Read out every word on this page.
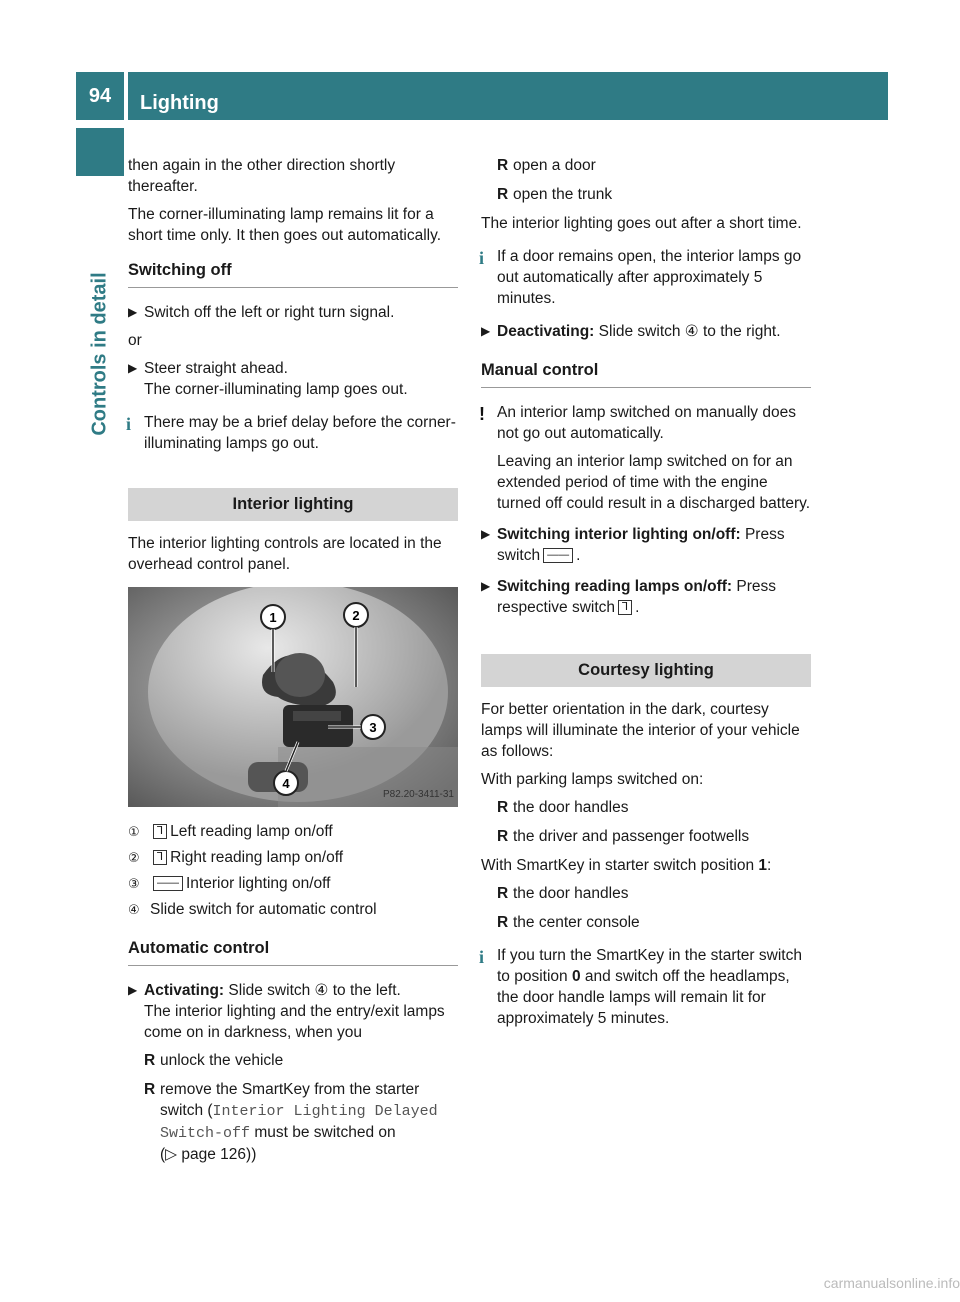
94	Lighting
Controls in detail

then again in the other direction shortly thereafter.

The corner-illuminating lamp remains lit for a short time only. It then goes out automatically.

Switching off
▶ Switch off the left or right turn signal.

or

▶ Steer straight ahead.
The corner-illuminating lamp goes out.
i There may be a brief delay before the corner-illuminating lamps go out.
Interior lighting

The interior lighting controls are located in the overhead control panel.

1	2
3
4
P82.20-3411-31
① ⅂ Left reading lamp on/off
② ⅂ Right reading lamp on/off
③ —— Interior lighting on/off
④ Slide switch for automatic control
Automatic control
▶ Activating: Slide switch ④ to the left.
The interior lighting and the entry/exit lamps come on in darkness, when you
R unlock the vehicle
R remove the SmartKey from the starter switch (Interior Lighting Delayed Switch-off must be switched on
(▷ page 126))
R open a door
R open the trunk

The interior lighting goes out after a short time.

i If a door remains open, the interior lamps go out automatically after approximately 5 minutes.
▶ Deactivating: Slide switch ④ to the right.
Manual control
! An interior lamp switched on manually does not go out automatically.
Leaving an interior lamp switched on for an extended period of time with the engine turned off could result in a discharged battery.
▶ Switching interior lighting on/off: Press switch —— .
▶ Switching reading lamps on/off: Press respective switch ⅂ .
Courtesy lighting

For better orientation in the dark, courtesy lamps will illuminate the interior of your vehicle as follows:

With parking lamps switched on:

R the door handles
R the driver and passenger footwells

With SmartKey in starter switch position 1:

R the door handles
R the center console
i If you turn the SmartKey in the starter switch to position 0 and switch off the headlamps, the door handle lamps will remain lit for approximately 5 minutes.
carmanualsonline.info
